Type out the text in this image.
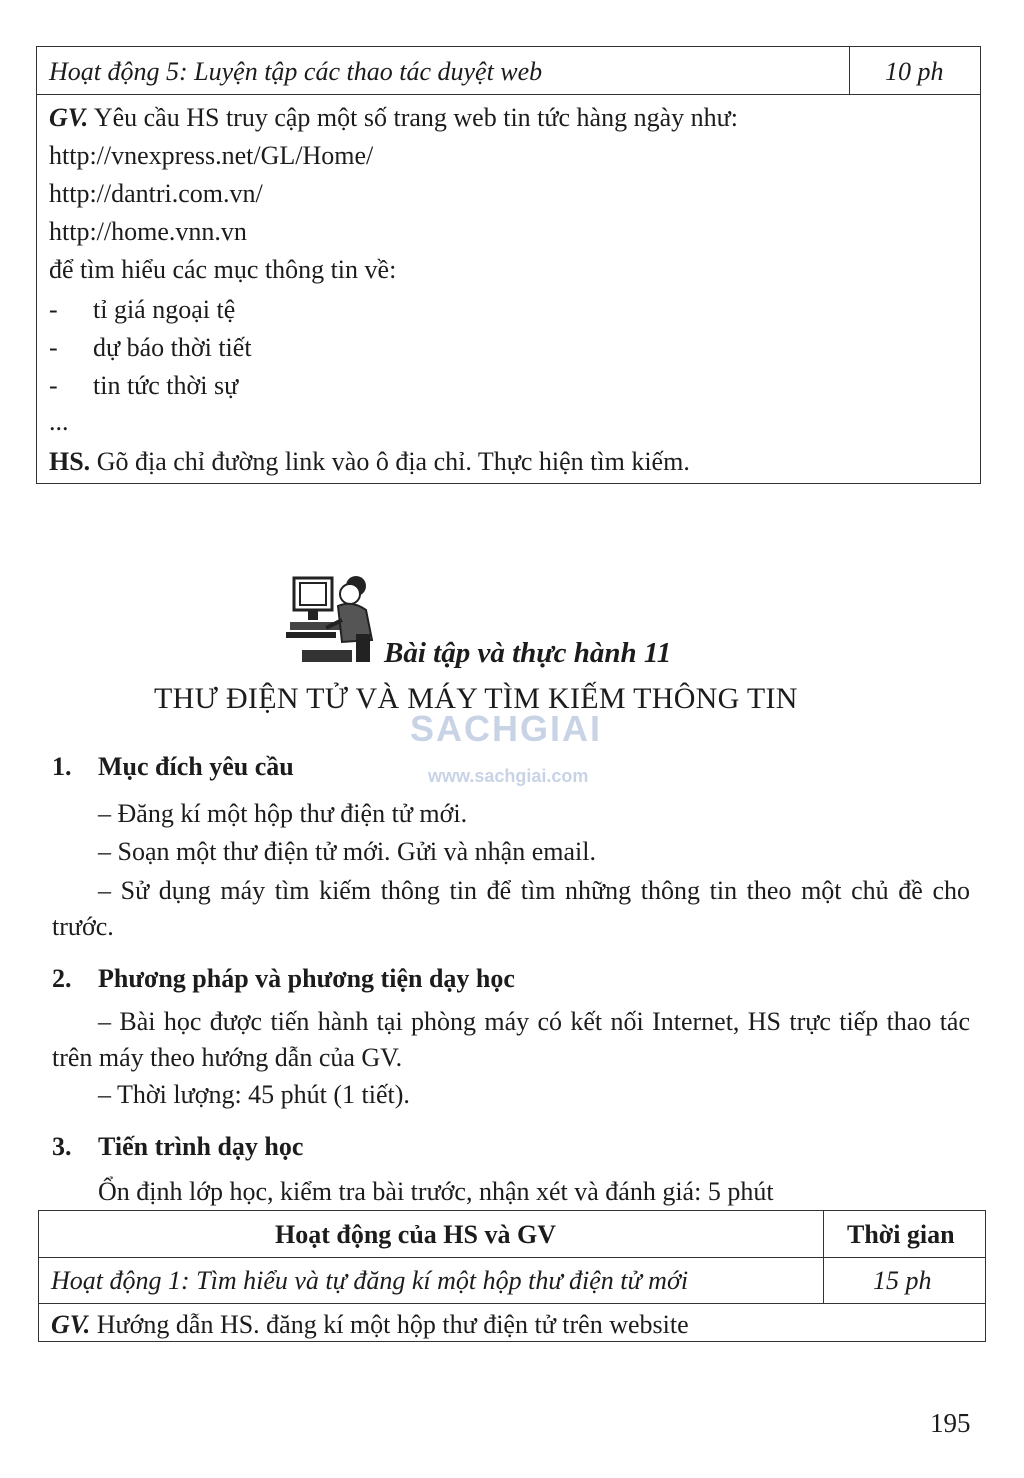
Hoạt động 5: Luyện tập các thao tác duyệt web	10 ph
GV. Yêu cầu HS truy cập một số trang web tin tức hàng ngày như:
http://vnexpress.net/GL/Home/
http://dantri.com.vn/
http://home.vnn.vn
để tìm hiểu các mục thông tin về:
- tỉ giá ngoại tệ
- dự báo thời tiết
- tin tức thời sự
...
HS. Gõ địa chỉ đường link vào ô địa chỉ. Thực hiện tìm kiếm.
Bài tập và thực hành 11
THƯ ĐIỆN TỬ VÀ MÁY TÌM KIẾM THÔNG TIN
SACHGIAI
www.sachgiai.com
1. Mục đích yêu cầu
– Đăng kí một hộp thư điện tử mới.
– Soạn một thư điện tử mới. Gửi và nhận email.
– Sử dụng máy tìm kiếm thông tin để tìm những thông tin theo một chủ đề cho trước.
2. Phương pháp và phương tiện dạy học
– Bài học được tiến hành tại phòng máy có kết nối Internet, HS trực tiếp thao tác trên máy theo hướng dẫn của GV.
– Thời lượng: 45 phút (1 tiết).
3. Tiến trình dạy học
Ổn định lớp học, kiểm tra bài trước, nhận xét và đánh giá: 5 phút
Hoạt động của HS và GV	Thời gian
Hoạt động 1: Tìm hiểu và tự đăng kí một hộp thư điện tử mới	15 ph
GV. Hướng dẫn HS. đăng kí một hộp thư điện tử trên website
195
